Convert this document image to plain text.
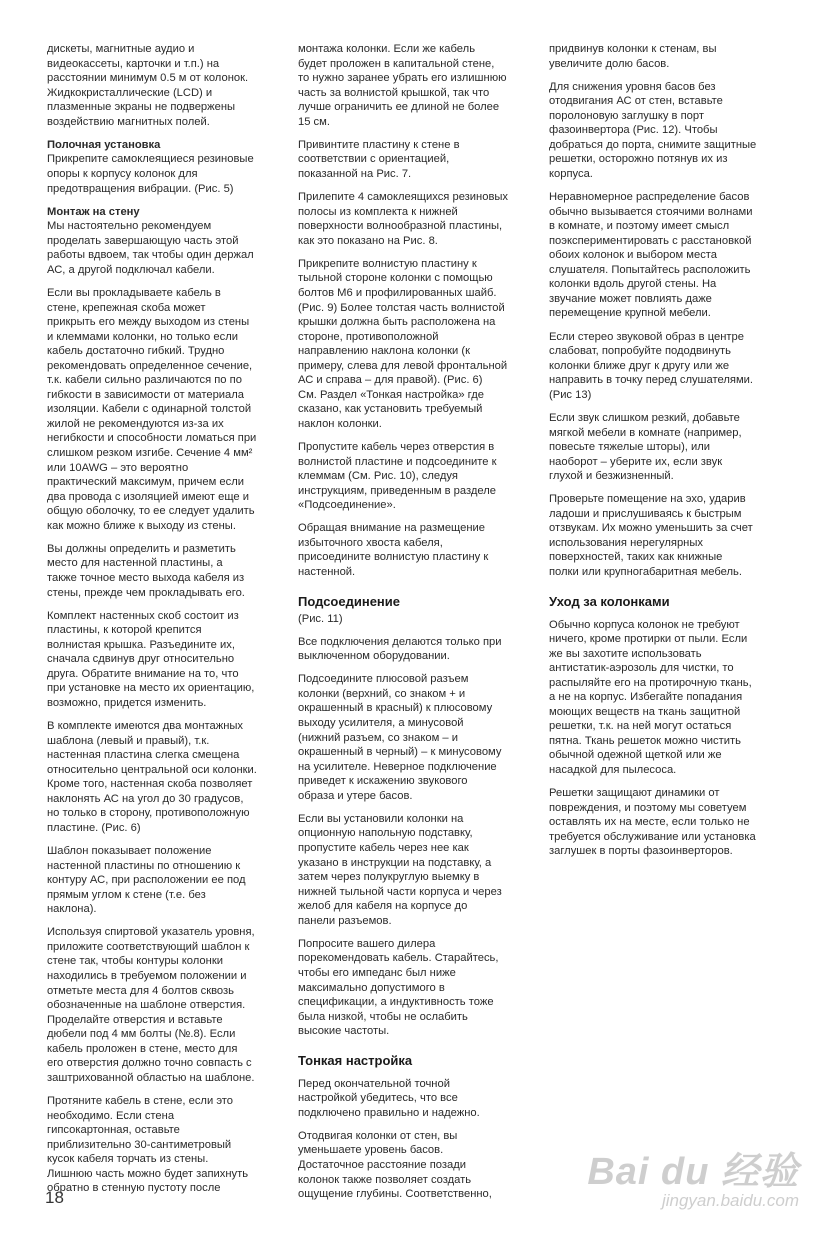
дискеты, магнитные аудио и
видеокассеты, карточки и т.п.) на
расстоянии минимум 0.5 м от колонок.
Жидкокристаллические (LCD) и
плазменные экраны не подвержены
воздействию магнитных полей.
Полочная установка
Прикрепите самоклеящиеся резиновые
опоры к корпусу колонок для
предотвращения вибрации. (Рис. 5)
Монтаж на стену
Мы настоятельно рекомендуем
проделать завершающую часть этой
работы вдвоем, так чтобы один держал
АС, а другой подключал кабели.
Если вы прокладываете кабель в
стене, крепежная скоба может
прикрыть его между выходом из стены
и клеммами колонки, но только если
кабель достаточно гибкий. Трудно
рекомендовать определенное сечение,
т.к. кабели сильно различаются по по
гибкости в зависимости от материала
изоляции. Кабели с одинарной толстой
жилой не рекомендуются из-за их
негибкости и способности ломаться при
слишком резком изгибе. Сечение 4 мм²
или 10AWG – это вероятно
практический максимум, причем если
два провода с изоляцией имеют еще и
общую оболочку, то ее следует удалить
как можно ближе к выходу из стены.
Вы должны определить и разметить
место для настенной пластины, а
также точное место выхода кабеля из
стены, прежде чем прокладывать его.
Комплект настенных скоб состоит из
пластины, к которой крепится
волнистая крышка. Разъедините их,
сначала сдвинув друг относительно
друга. Обратите внимание на то, что
при установке на место их ориентацию,
возможно, придется изменить.
В комплекте имеются два монтажных
шаблона (левый и правый), т.к.
настенная пластина слегка смещена
относительно центральной оси колонки.
Кроме того, настенная скоба позволяет
наклонять АС на угол до 30 градусов,
но только в сторону, противоположную
пластине. (Рис. 6)
Шаблон показывает положение
настенной пластины по отношению к
контуру АС, при расположении ее под
прямым углом к стене (т.е. без
наклона).
Используя спиртовой указатель уровня,
приложите соответствующий шаблон к
стене так, чтобы контуры колонки
находились в требуемом положении и
отметьте места для 4 болтов сквозь
обозначенные на шаблоне отверстия.
Проделайте отверстия и вставьте
дюбели под 4 мм болты (№.8). Если
кабель проложен в стене, место для
его отверстия должно точно совпасть с
заштрихованной областью на шаблоне.
Протяните кабель в стене, если это
необходимо. Если стена
гипсокартонная, оставьте
приблизительно 30-сантиметровый
кусок кабеля торчать из стены.
Лишнюю часть можно будет запихнуть
обратно в стенную пустоту после
монтажа колонки. Если же кабель
будет проложен в капитальной стене,
то нужно заранее убрать его излишнюю
часть за волнистой крышкой, так что
лучше ограничить ее длиной не более
15 см.
Привинтите пластину к стене в
соответствии с ориентацией,
показанной на Рис. 7.
Прилепите 4 самоклеящихся резиновых
полосы из комплекта к нижней
поверхности волнообразной пластины,
как это показано на Рис. 8.
Прикрепите волнистую пластину к
тыльной стороне колонки с помощью
болтов М6 и профилированных шайб.
(Рис. 9) Более толстая часть волнистой
крышки должна быть расположена на
стороне, противоположной
направлению наклона колонки (к
примеру, слева для левой фронтальной
АС и справа – для правой). (Рис. 6)
См. Раздел «Тонкая настройка» где
сказано, как установить требуемый
наклон колонки.
Пропустите кабель через отверстия в
волнистой пластине и подсоедините к
клеммам (См. Рис. 10), следуя
инструкциям, приведенным в разделе
«Подсоединение».
Обращая внимание на размещение
избыточного хвоста кабеля,
присоедините волнистую пластину к
настенной.
Подсоединение
(Рис. 11)
Все подключения делаются только при
выключенном оборудовании.
Подсоедините плюсовой разъем
колонки (верхний, со знаком + и
окрашенный в красный) к плюсовому
выходу усилителя, а минусовой
(нижний разъем, со знаком – и
окрашенный в черный) – к минусовому
на усилителе. Неверное подключение
приведет к искажению звукового
образа и утере басов.
Если вы установили колонки на
опционную напольную подставку,
пропустите кабель через нее как
указано в инструкции на подставку, а
затем через полукруглую выемку в
нижней тыльной части корпуса и через
желоб для кабеля на корпусе до
панели разъемов.
Попросите вашего дилера
порекомендовать кабель. Старайтесь,
чтобы его импеданс был ниже
максимально допустимого в
спецификации, а индуктивность тоже
была низкой, чтобы не ослабить
высокие частоты.
Тонкая настройка
Перед окончательной точной
настройкой убедитесь, что все
подключено правильно и надежно.
Отодвигая колонки от стен, вы
уменьшаете уровень басов.
Достаточное расстояние позади
колонок также позволяет создать
ощущение глубины. Соответственно,
придвинув колонки к стенам, вы
увеличите долю басов.
Для снижения уровня басов без
отодвигания АС от стен, вставьте
поролоновую заглушку в порт
фазоинвертора (Рис. 12). Чтобы
добраться до порта, снимите защитные
решетки, осторожно потянув их из
корпуса.
Неравномерное распределение басов
обычно вызывается стоячими волнами
в комнате, и поэтому имеет смысл
поэкспериментировать с расстановкой
обоих колонок и выбором места
слушателя. Попытайтесь расположить
колонки вдоль другой стены. На
звучание может повлиять даже
перемещение крупной мебели.
Если стерео звуковой образ в центре
слабоват, попробуйте пододвинуть
колонки ближе друг к другу или же
направить в точку перед слушателями.
(Рис 13)
Если звук слишком резкий, добавьте
мягкой мебели в комнате (например,
повесьте тяжелые шторы), или
наоборот – уберите их, если звук
глухой и безжизненный.
Проверьте помещение на эхо, ударив
ладоши и прислушиваясь к быстрым
отзвукам. Их можно уменьшить за счет
использования нерегулярных
поверхностей, таких как книжные
полки или крупногабаритная мебель.
Уход за колонками
Обычно корпуса колонок не требуют
ничего, кроме протирки от пыли. Если
же вы захотите использовать
антистатик-аэрозоль для чистки, то
распыляйте его на протирочную ткань,
а не на корпус. Избегайте попадания
моющих веществ на ткань защитной
решетки, т.к. на ней могут остаться
пятна. Ткань решеток можно чистить
обычной одежной щеткой или же
насадкой для пылесоса.
Решетки защищают динамики от
повреждения, и поэтому мы советуем
оставлять их на месте, если только не
требуется обслуживание или установка
заглушек в порты фазоинверторов.
18
Bai du 经验
jingyan.baidu.com
